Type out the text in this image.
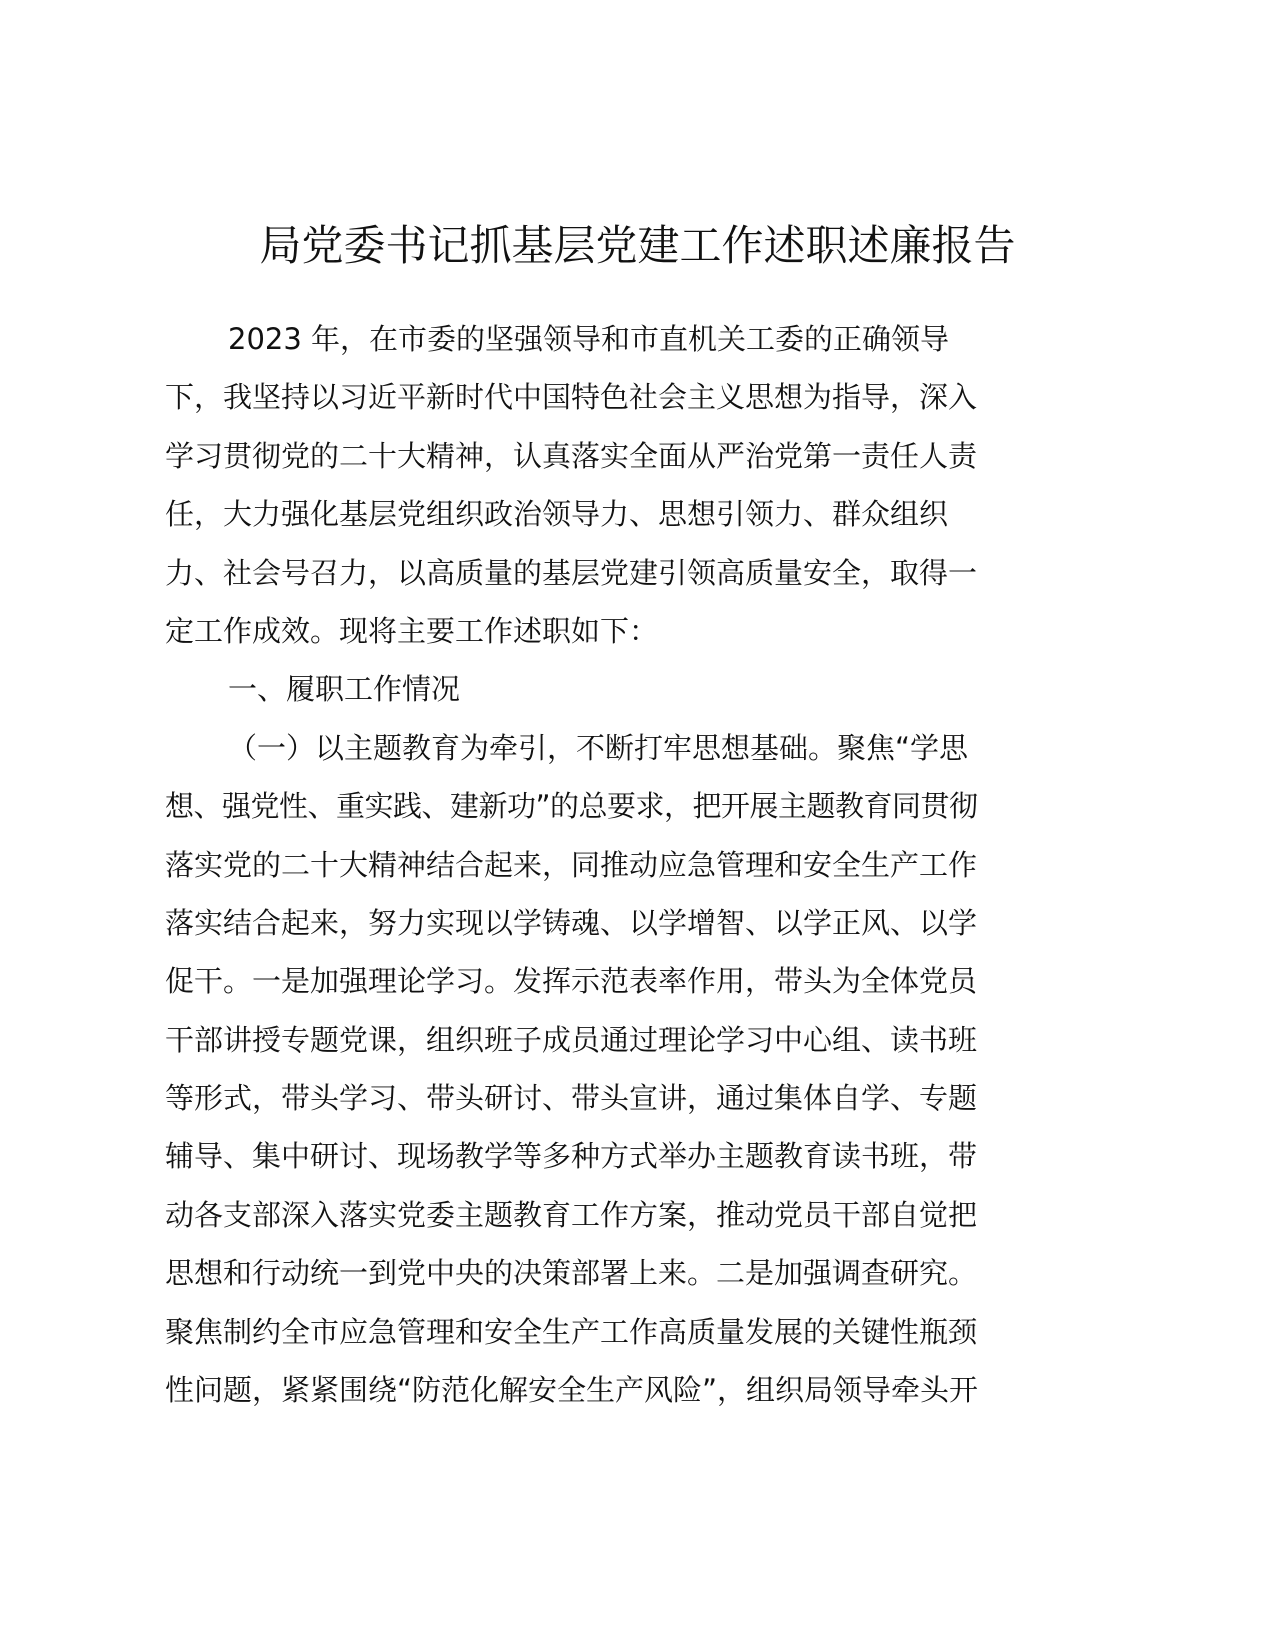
局党委书记抓基层党建工作述职述廉报告
2023 年，在市委的坚强领导和市直机关工委的正确领导
下，我坚持以习近平新时代中国特色社会主义思想为指导，深入
学习贯彻党的二十大精神，认真落实全面从严治党第一责任人责
任，大力强化基层党组织政治领导力、思想引领力、群众组织
力、社会号召力，以高质量的基层党建引领高质量安全，取得一
定工作成效。现将主要工作述职如下：
一、履职工作情况
（一）以主题教育为牵引，不断打牢思想基础。聚焦“学思
想、强党性、重实践、建新功”的总要求，把开展主题教育同贯彻
落实党的二十大精神结合起来，同推动应急管理和安全生产工作
落实结合起来，努力实现以学铸魂、以学增智、以学正风、以学
促干。一是加强理论学习。发挥示范表率作用，带头为全体党员
干部讲授专题党课，组织班子成员通过理论学习中心组、读书班
等形式，带头学习、带头研讨、带头宣讲，通过集体自学、专题
辅导、集中研讨、现场教学等多种方式举办主题教育读书班，带
动各支部深入落实党委主题教育工作方案，推动党员干部自觉把
思想和行动统一到党中央的决策部署上来。二是加强调查研究。
聚焦制约全市应急管理和安全生产工作高质量发展的关键性瓶颈
性问题，紧紧围绕“防范化解安全生产风险”，组织局领导牵头开
